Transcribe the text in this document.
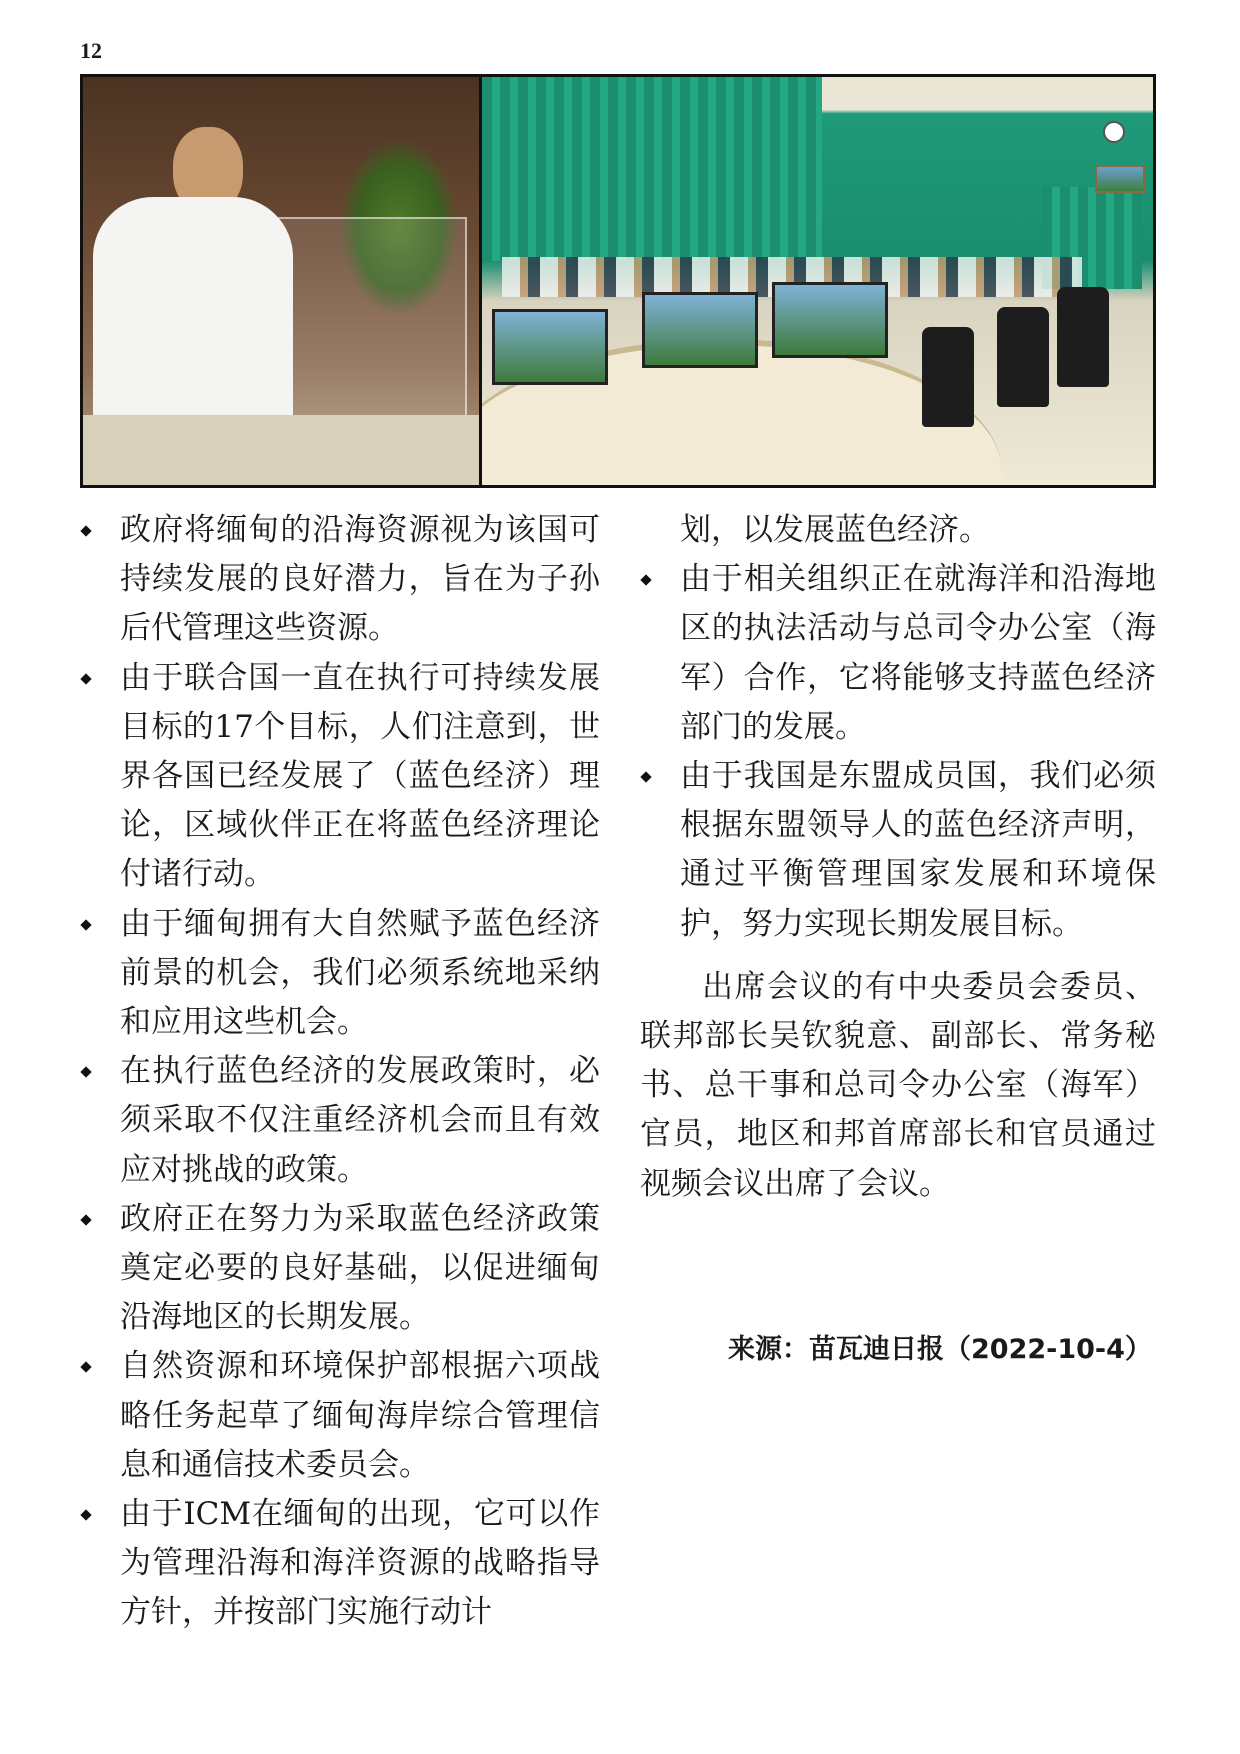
12

政府将缅甸的沿海资源视为该国可持续发展的良好潜力，旨在为子孙后代管理这些资源。

由于联合国一直在执行可持续发展目标的17个目标，人们注意到，世界各国已经发展了（蓝色经济）理论，区域伙伴正在将蓝色经济理论付诸行动。

由于缅甸拥有大自然赋予蓝色经济前景的机会，我们必须系统地采纳和应用这些机会。

在执行蓝色经济的发展政策时，必须采取不仅注重经济机会而且有效应对挑战的政策。

政府正在努力为采取蓝色经济政策奠定必要的良好基础，以促进缅甸沿海地区的长期发展。

自然资源和环境保护部根据六项战略任务起草了缅甸海岸综合管理信息和通信技术委员会。

由于ICM在缅甸的出现，它可以作为管理沿海和海洋资源的战略指导方针，并按部门实施行动计

划，以发展蓝色经济。

由于相关组织正在就海洋和沿海地区的执法活动与总司令办公室（海军）合作，它将能够支持蓝色经济部门的发展。

由于我国是东盟成员国，我们必须根据东盟领导人的蓝色经济声明，通过平衡管理国家发展和环境保护，努力实现长期发展目标。

出席会议的有中央委员会委员、联邦部长吴钦貌意、副部长、常务秘书、总干事和总司令办公室（海军）官员，地区和邦首席部长和官员通过视频会议出席了会议。

来源：苗瓦迪日报（2022-10-4）
